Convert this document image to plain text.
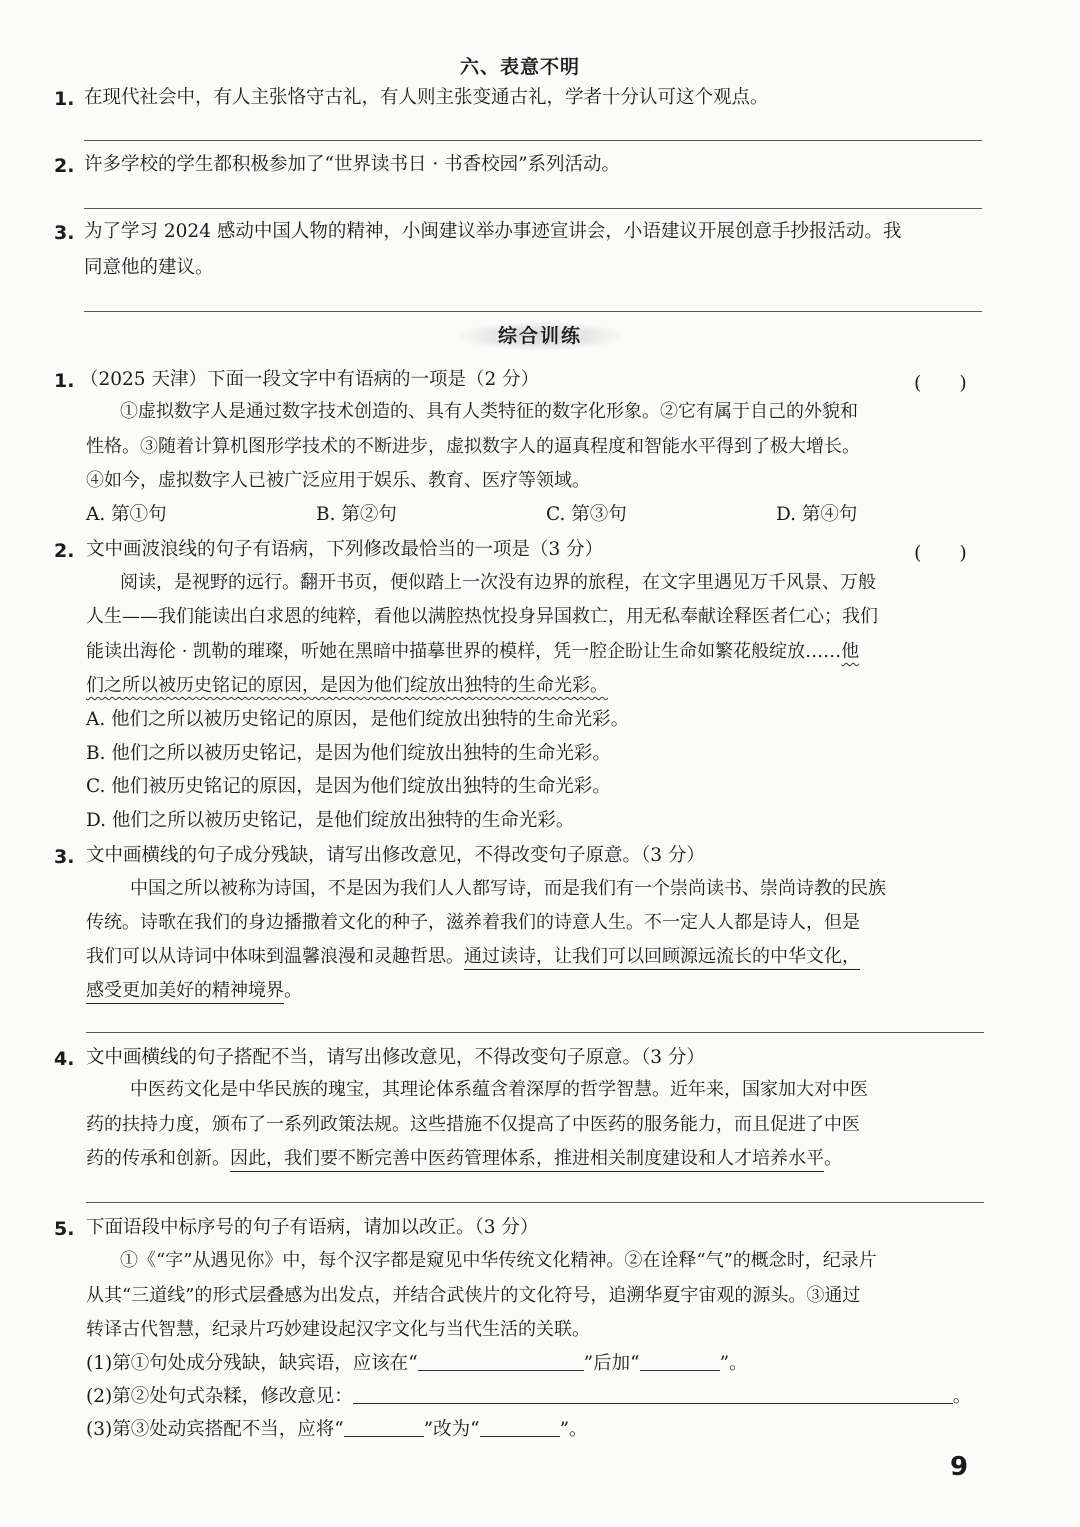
六、表意不明
1. 在现代社会中，有人主张恪守古礼，有人则主张变通古礼，学者十分认可这个观点。
2. 许多学校的学生都积极参加了“世界读书日 · 书香校园”系列活动。
3. 为了学习 2024 感动中国人物的精神，小闽建议举办事迹宣讲会，小语建议开展创意手抄报活动。我
同意他的建议。
综合训练
1. （2025 天津）下面一段文字中有语病的一项是（2 分）	(　　)
①虚拟数字人是通过数字技术创造的、具有人类特征的数字化形象。②它有属于自己的外貌和
性格。③随着计算机图形学技术的不断进步，虚拟数字人的逼真程度和智能水平得到了极大增长。
④如今，虚拟数字人已被广泛应用于娱乐、教育、医疗等领域。
A. 第①句	B. 第②句	C. 第③句	D. 第④句
2. 文中画波浪线的句子有语病，下列修改最恰当的一项是（3 分）	(　　)
阅读，是视野的远行。翻开书页，便似踏上一次没有边界的旅程，在文字里遇见万千风景、万般
人生——我们能读出白求恩的纯粹，看他以满腔热忱投身异国救亡，用无私奉献诠释医者仁心；我们
能读出海伦 · 凯勒的璀璨，听她在黑暗中描摹世界的模样，凭一腔企盼让生命如繁花般绽放……他
们之所以被历史铭记的原因，是因为他们绽放出独特的生命光彩。
A. 他们之所以被历史铭记的原因，是他们绽放出独特的生命光彩。
B. 他们之所以被历史铭记，是因为他们绽放出独特的生命光彩。
C. 他们被历史铭记的原因，是因为他们绽放出独特的生命光彩。
D. 他们之所以被历史铭记，是他们绽放出独特的生命光彩。
3. 文中画横线的句子成分残缺，请写出修改意见，不得改变句子原意。（3 分）
中国之所以被称为诗国，不是因为我们人人都写诗，而是我们有一个崇尚读书、崇尚诗教的民族
传统。诗歌在我们的身边播撒着文化的种子，滋养着我们的诗意人生。不一定人人都是诗人，但是
我们可以从诗词中体味到温馨浪漫和灵趣哲思。通过读诗，让我们可以回顾源远流长的中华文化，
感受更加美好的精神境界。
4. 文中画横线的句子搭配不当，请写出修改意见，不得改变句子原意。（3 分）
中医药文化是中华民族的瑰宝，其理论体系蕴含着深厚的哲学智慧。近年来，国家加大对中医
药的扶持力度，颁布了一系列政策法规。这些措施不仅提高了中医药的服务能力，而且促进了中医
药的传承和创新。因此，我们要不断完善中医药管理体系，推进相关制度建设和人才培养水平。
5. 下面语段中标序号的句子有语病，请加以改正。（3 分）
①《“字”从遇见你》中，每个汉字都是窥见中华传统文化精神。②在诠释“气”的概念时，纪录片
从其“三道线”的形式层叠感为出发点，并结合武侠片的文化符号，追溯华夏宇宙观的源头。③通过
转译古代智慧，纪录片巧妙建设起汉字文化与当代生活的关联。
(1)第①句处成分残缺，缺宾语，应该在“	”后加“	”。
(2)第②处句式杂糅，修改意见：	。
(3)第③处动宾搭配不当，应将“	”改为“	”。
9
